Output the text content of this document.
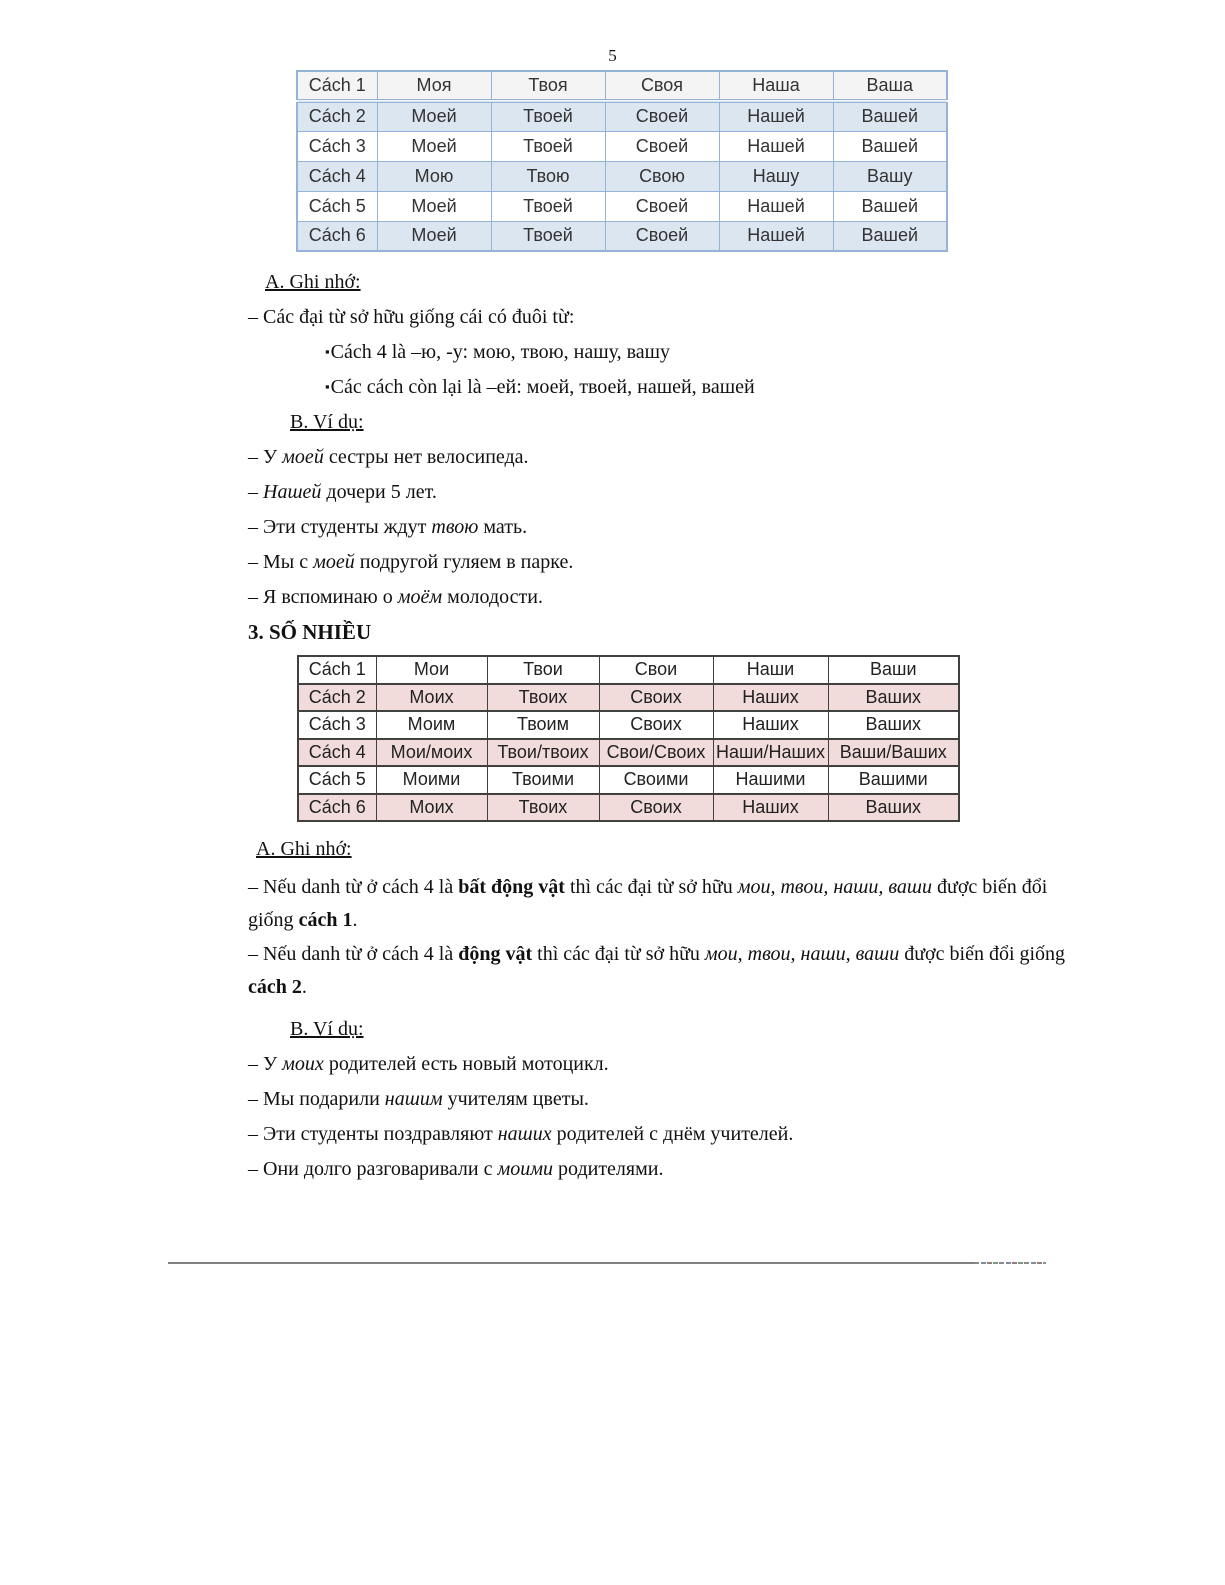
5
Cách 1	Моя	Твоя	Своя	Наша	Ваша
Cách 2	Моей	Твоей	Своей	Нашей	Вашей
Cách 3	Моей	Твоей	Своей	Нашей	Вашей
Cách 4	Мою	Твою	Свою	Нашу	Вашу
Cách 5	Моей	Твоей	Своей	Нашей	Вашей
Cách 6	Моей	Твоей	Своей	Нашей	Вашей

A. Ghi nhớ:

– Các đại từ sở hữu giống cái có đuôi từ:

▪Cách 4 là –ю, -у: мою, твою, нашу, вашу

▪Các cách còn lại là –ей: моей, твоей, нашей, вашей

B. Ví dụ:

– У моей сестры нет велосипеда.

– Нашей дочери 5 лет.

– Эти студенты ждут твою мать.

– Мы с моей подругой гуляем в парке.

– Я вспоминаю о моём молодости.

3. SỐ NHIỀU

Cách 1	Мои	Твои	Свои	Наши	Ваши
Cách 2	Моих	Твоих	Своих	Наших	Ваших
Cách 3	Моим	Твоим	Своих	Наших	Ваших
Cách 4	Мои/моих	Твои/твоих	Свои/Своих	Наши/Наших	Ваши/Ваших
Cách 5	Моими	Твоими	Своими	Нашими	Вашими
Cách 6	Моих	Твоих	Своих	Наших	Ваших

A. Ghi nhớ:

– Nếu danh từ ở cách 4 là bất động vật thì các đại từ sở hữu мои, твои, наши, ваши được biến đổi giống cách 1.

– Nếu danh từ ở cách 4 là động vật thì các đại từ sở hữu мои, твои, наши, ваши được biến đổi giống cách 2.

B. Ví dụ:

– У моих родителей есть новый мотоцикл.

– Мы подарили нашим учителям цветы.

– Эти студенты поздравляют наших родителей с днём учителей.

– Они долго разговаривали с моими родителями.
